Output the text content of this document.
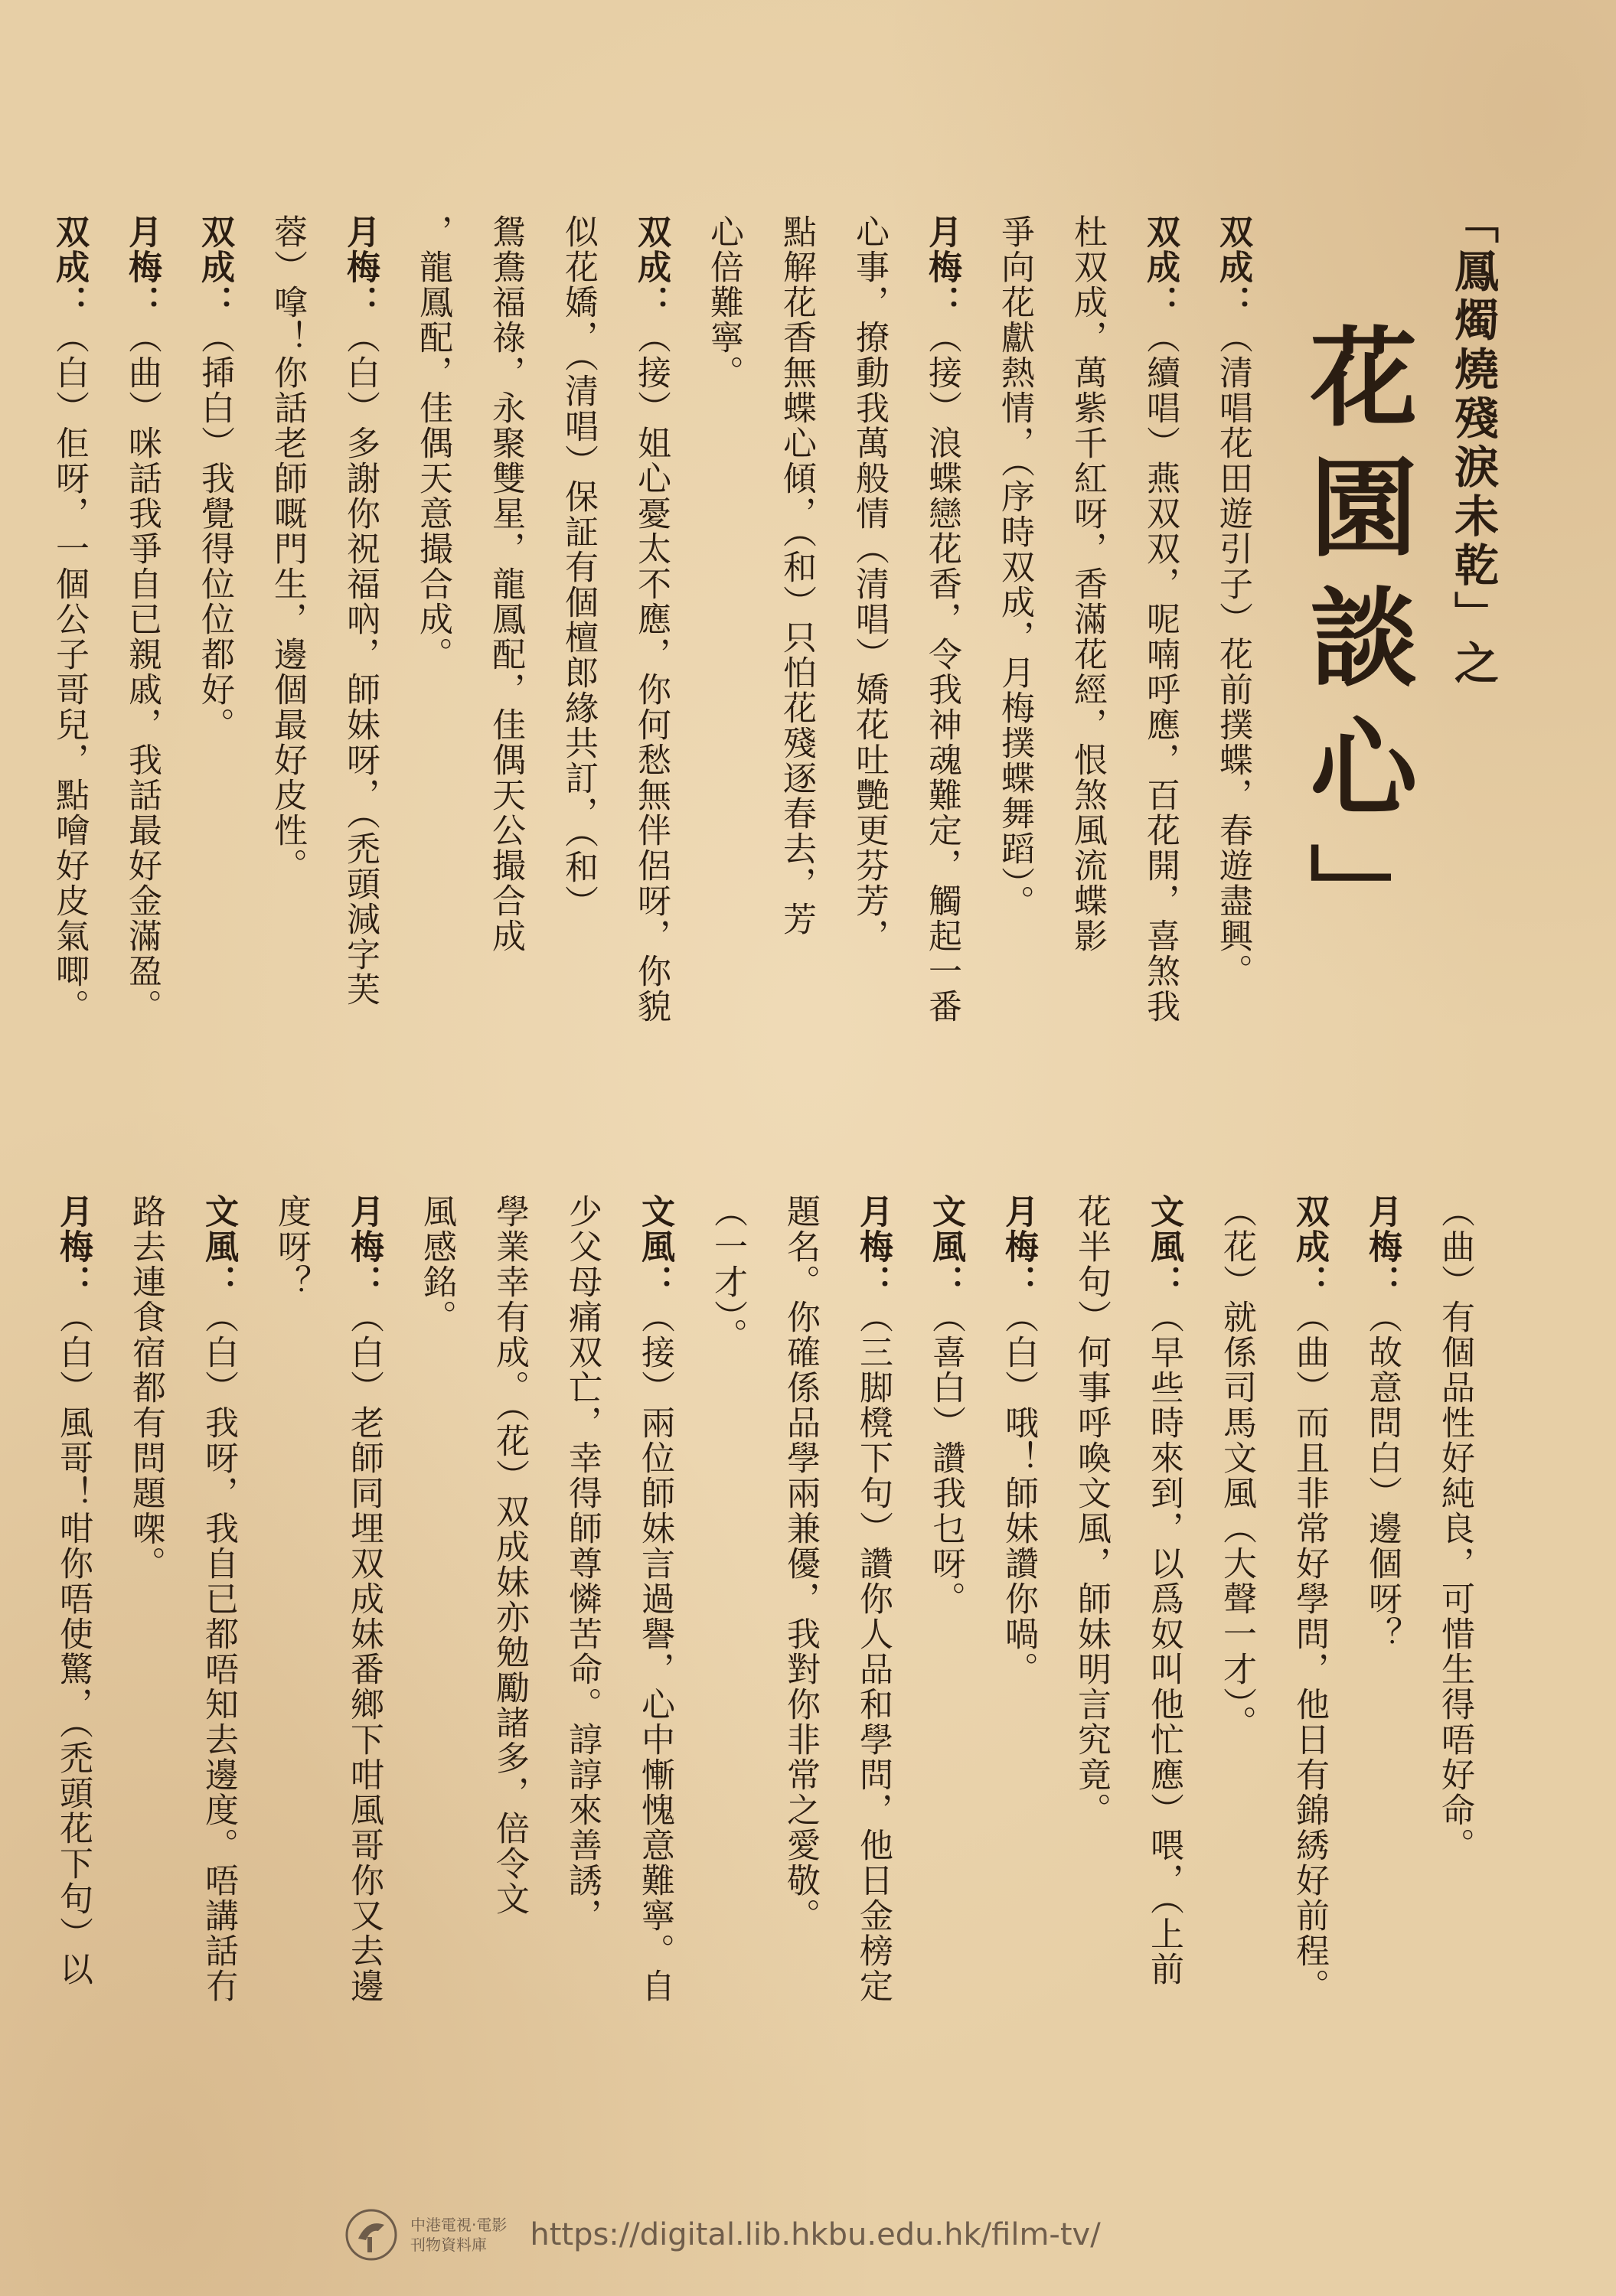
「鳳燭燒殘淚未乾」之
花園談心」
双成：（清唱花田遊引子）花前撲蝶，春遊盡興。
双成：（續唱）燕双双，呢喃呼應，百花開，喜煞我
杜双成，萬紫千紅呀，香滿花經，恨煞風流蝶影
爭向花獻熱情，（序時双成，月梅撲蝶舞蹈）。
月梅：（接）浪蝶戀花香，令我神魂難定，觸起一番
心事，撩動我萬般情（清唱）嬌花吐艷更芬芳，
點解花香無蝶心傾，（和）只怕花殘逐春去，芳
心倍難寧。
双成：（接）姐心憂太不應，你何愁無伴侶呀，你貌
似花嬌，（清唱）保証有個檀郎緣共訂，（和）
鴛鴦福祿，永聚雙星，龍鳳配，佳偶天公撮合成
，龍鳳配，佳偶天意撮合成。
月梅：（白）多謝你祝福吶，師妹呀，（禿頭減字芙
蓉）嗱！你話老師嘅門生，邊個最好皮性。
双成：（揷白）我覺得位位都好。
月梅：（曲）咪話我爭自已親戚，我話最好金滿盈。
双成：（白）佢呀，一個公子哥兒，點噲好皮氣唧。
（曲）有個品性好純良，可惜生得唔好命。
月梅：（故意問白）邊個呀？
双成：（曲）而且非常好學問，他日有錦綉好前程。
（花）就係司馬文風（大聲一才）。
文風：（早些時來到，以爲奴叫他忙應）喂，（上前
花半句）何事呼喚文風，師妹明言究竟。
月梅：（白）哦！師妹讚你喎。
文風：（喜白）讚我乜呀。
月梅：（三脚櫈下句）讚你人品和學問，他日金榜定
題名。你確係品學兩兼優，我對你非常之愛敬。
（一才）。
文風：（接）兩位師妹言過譽，心中慚愧意難寧。自
少父母痛双亡，幸得師尊憐苦命。諄諄來善誘，
學業幸有成。（花）双成妹亦勉勵諸多，倍令文
風感銘。
月梅：（白）老師同埋双成妹番鄉下咁風哥你又去邊
度呀？
文風：（白）我呀，我自已都唔知去邊度。唔講話冇
路去連食宿都有問題㗎。
月梅：（白）風哥！咁你唔使驚，（禿頭花下句）以
中港電視‧電影
刊物資料庫	https://digital.lib.hkbu.edu.hk/film-tv/
